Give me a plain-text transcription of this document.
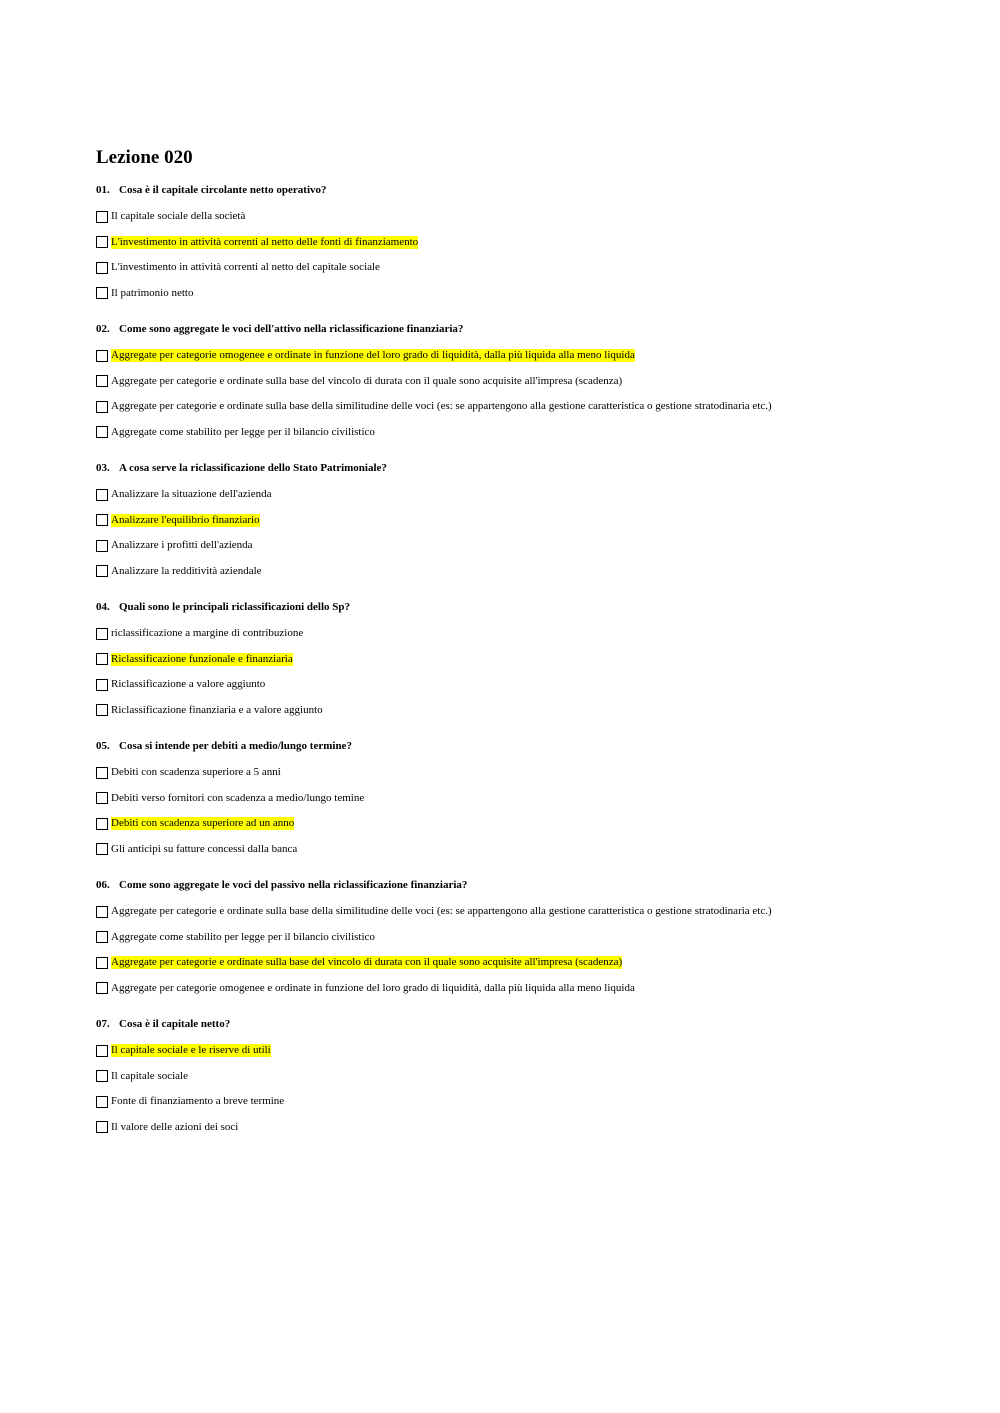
Lezione 020
01. Cosa è il capitale circolante netto operativo?
Il capitale sociale della società
L'investimento in attività correnti al netto delle fonti di finanziamento
L'investimento in attività correnti al netto del capitale sociale
Il patrimonio netto
02. Come sono aggregate le voci dell'attivo nella riclassificazione finanziaria?
Aggregate per categorie omogenee e ordinate in funzione del loro grado di liquidità, dalla più liquida alla meno liquida
Aggregate per categorie e ordinate sulla base del vincolo di durata con il quale sono acquisite all'impresa (scadenza)
Aggregate per categorie e ordinate sulla base della similitudine delle voci (es: se appartengono alla gestione caratteristica o gestione stratodinaria etc.)
Aggregate come stabilito per legge per il bilancio civilistico
03. A cosa serve la riclassificazione dello Stato Patrimoniale?
Analizzare la situazione dell'azienda
Analizzare l'equilibrio finanziario
Analizzare i profitti dell'azienda
Analizzare la redditività aziendale
04. Quali sono le principali riclassificazioni dello Sp?
riclassificazione a margine di contribuzione
Riclassificazione funzionale e finanziaria
Riclassificazione a valore aggiunto
Riclassificazione finanziaria e a valore aggiunto
05. Cosa si intende per debiti a medio/lungo termine?
Debiti con scadenza superiore a 5 anni
Debiti verso fornitori con scadenza a medio/lungo temine
Debiti con scadenza superiore ad un anno
Gli anticipi su fatture concessi dalla banca
06. Come sono aggregate le voci del passivo nella riclassificazione finanziaria?
Aggregate per categorie e ordinate sulla base della similitudine delle voci (es: se appartengono alla gestione caratteristica o gestione stratodinaria etc.)
Aggregate come stabilito per legge per il bilancio civilistico
Aggregate per categorie e ordinate sulla base del vincolo di durata con il quale sono acquisite all'impresa (scadenza)
Aggregate per categorie omogenee e ordinate in funzione del loro grado di liquidità, dalla più liquida alla meno liquida
07. Cosa è il capitale netto?
Il capitale sociale e le riserve di utili
Il capitale sociale
Fonte di finanziamento a breve termine
Il valore delle azioni dei soci
